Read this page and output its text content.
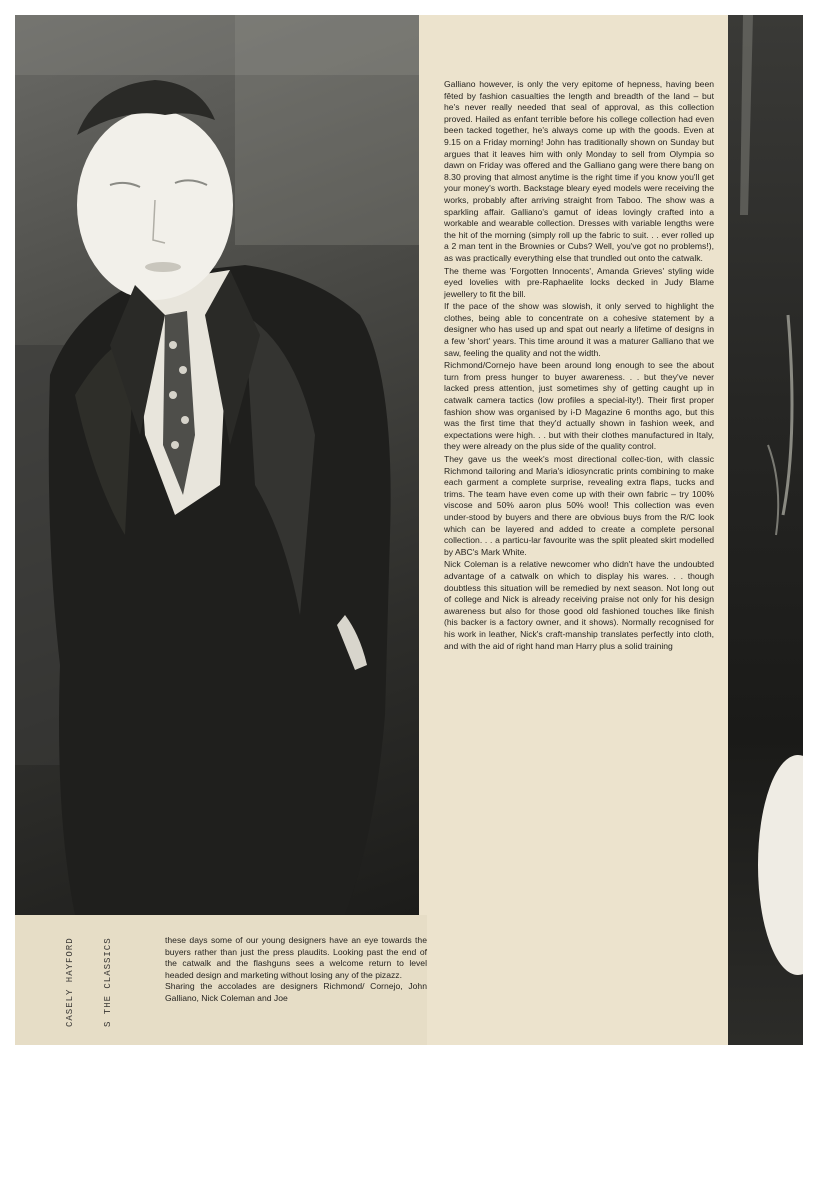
Galliano however, is only the very epitome of hepness, having been fêted by fashion casualties the length and breadth of the land – but he's never really needed that seal of approval, as this collection proved. Hailed as enfant terrible before his college collection had even been tacked together, he's always come up with the goods. Even at 9.15 on a Friday morning! John has traditionally shown on Sunday but argues that it leaves him with only Monday to sell from Olympia so dawn on Friday was offered and the Galliano gang were there bang on 8.30 proving that almost anytime is the right time if you know you'll get your money's worth. Backstage bleary eyed models were receiving the works, probably after arriving straight from Taboo. The show was a sparkling affair. Galliano's gamut of ideas lovingly crafted into a workable and wearable collection. Dresses with variable lengths were the hit of the morning (simply roll up the fabric to suit. . . ever rolled up a 2 man tent in the Brownies or Cubs? Well, you've got no problems!), as was practically everything else that trundled out onto the catwalk.

The theme was 'Forgotten Innocents', Amanda Grieves' styling wide eyed lovelies with pre-Raphaelite locks decked in Judy Blame jewellery to fit the bill.

If the pace of the show was slowish, it only served to highlight the clothes, being able to concentrate on a cohesive statement by a designer who has used up and spat out nearly a lifetime of designs in a few 'short' years. This time around it was a maturer Galliano that we saw, feeling the quality and not the width.

Richmond/Cornejo have been around long enough to see the about turn from press hunger to buyer awareness. . . but they've never lacked press attention, just sometimes shy of getting caught up in catwalk camera tactics (low profiles a special-ity!). Their first proper fashion show was organised by i-D Magazine 6 months ago, but this was the first time that they'd actually shown in fashion week, and expectations were high. . . but with their clothes manufactured in Italy, they were already on the plus side of the quality control.

They gave us the week's most directional collec-tion, with classic Richmond tailoring and Maria's idiosyncratic prints combining to make each garment a complete surprise, revealing extra flaps, tucks and trims. The team have even come up with their own fabric – try 100% viscose and 50% aaron plus 50% wool! This collection was even under-stood by buyers and there are obvious buys from the R/C look which can be layered and added to create a complete personal collection. . . a particu-lar favourite was the split pleated skirt modelled by ABC's Mark White.

Nick Coleman is a relative newcomer who didn't have the undoubted advantage of a catwalk on which to display his wares. . . though doubtless this situation will be remedied by next season. Not long out of college and Nick is already receiving praise not only for his design awareness but also for those good old fashioned touches like finish (his backer is a factory owner, and it shows). Normally recognised for his work in leather, Nick's craft-manship translates perfectly into cloth, and with the aid of right hand man Harry plus a solid training

CASELY HAYFORD	S THE CLASSICS	these days some of our young designers have an eye towards the buyers rather than just the press plaudits. Looking past the end of the catwalk and the flashguns sees a welcome return to level headed design and marketing without losing any of the pizazz.

Sharing the accolades are designers Richmond/ Cornejo, John Galliano, Nick Coleman and Joe
